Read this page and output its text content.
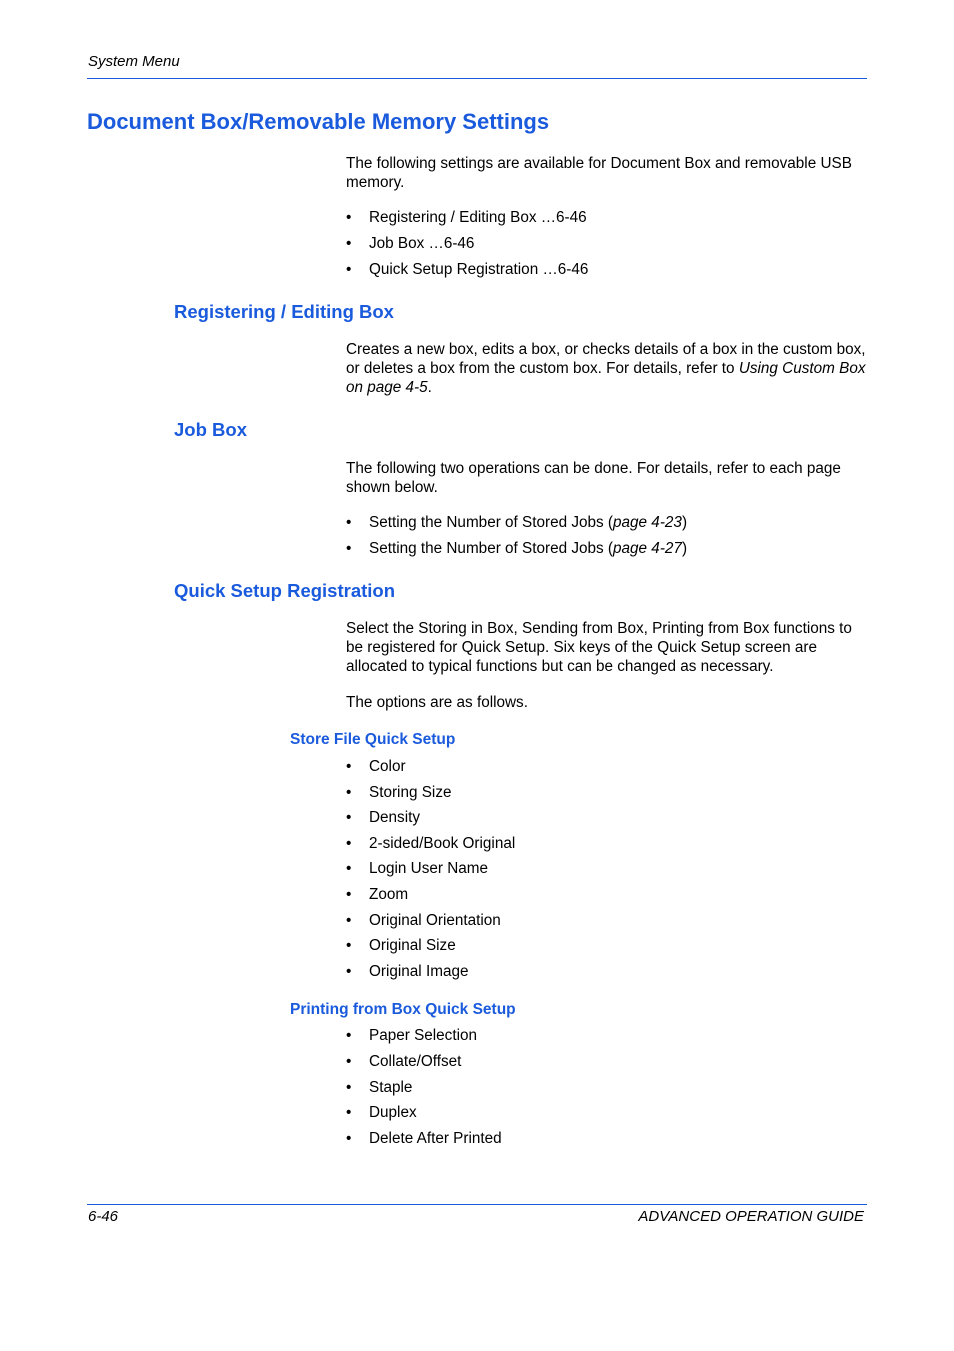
System Menu
Document Box/Removable Memory Settings

The following settings are available for Document Box and removable USB memory.

• Registering / Editing Box …6-46
• Job Box …6-46
• Quick Setup Registration …6-46
Registering / Editing Box

Creates a new box, edits a box, or checks details of a box in the custom box, or deletes a box from the custom box. For details, refer to Using Custom Box on page 4-5.

Job Box

The following two operations can be done. For details, refer to each page shown below.

• Setting the Number of Stored Jobs (page 4-23)
• Setting the Number of Stored Jobs (page 4-27)
Quick Setup Registration

Select the Storing in Box, Sending from Box, Printing from Box functions to be registered for Quick Setup. Six keys of the Quick Setup screen are allocated to typical functions but can be changed as necessary.

The options are as follows.

Store File Quick Setup
• Color
• Storing Size
• Density
• 2-sided/Book Original
• Login User Name
• Zoom
• Original Orientation
• Original Size
• Original Image
Printing from Box Quick Setup
• Paper Selection
• Collate/Offset
• Staple
• Duplex
• Delete After Printed
6-46	ADVANCED OPERATION GUIDE
